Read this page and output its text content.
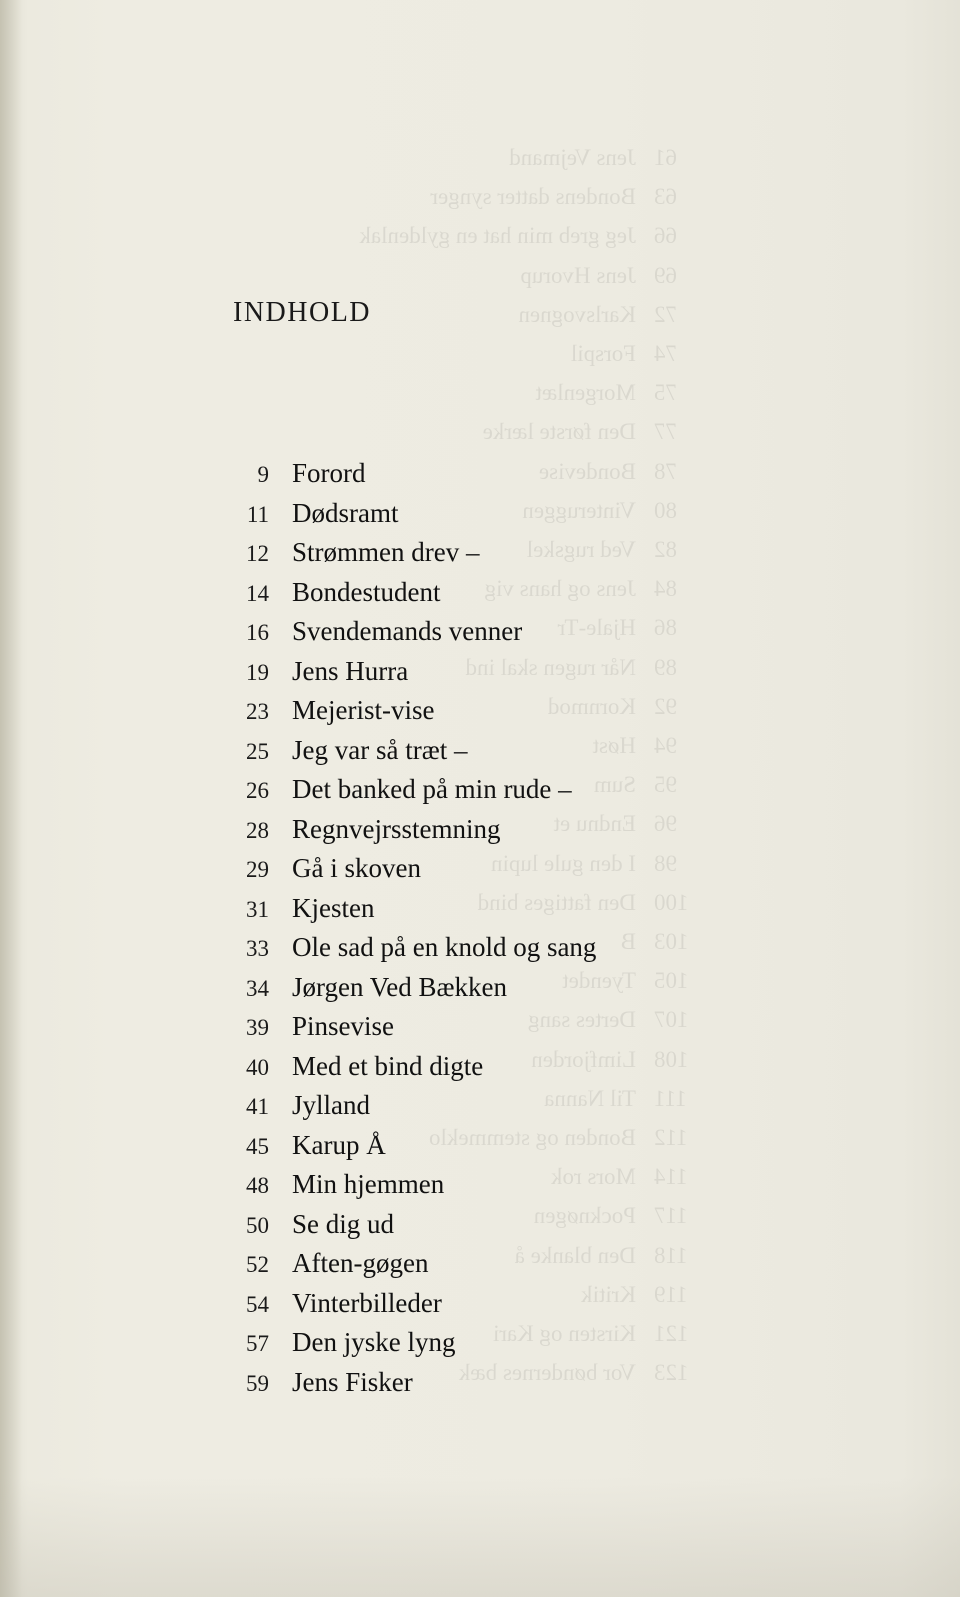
61
Jens Vejmand
63
Bondens datter synger
66
Jeg greb min hat en gyldenlak
69
Jens Hvorup
72
Karlsvognen
74
Forspil
75
Morgenlæt
77
Den første lærke
78
Bondevise
80
Vinteruggen
82
Ved rugskel
84
Jens og hans vig
86
Hjale-Tr
89
Når rugen skal ind
92
Kornmod
94
Høst
95
Sum
96
Endnu et
98
I den gule lupin
100
Den fattiges bind
103
B
105
Tyendet
107
Dertes sang
108
Limfjorden
111
Til Nanna
112
Bonden og stemmeklo
114
Mors rok
117
Pocknøgen
118
Den blanke å
119
Kritik
121
Kirsten og Kari
123
Vor bøndernes bæk
INDHOLD
9 Forord
11 Dødsramt
12 Strømmen drev –
14 Bondestudent
16 Svendemands venner
19 Jens Hurra
23 Mejerist-vise
25 Jeg var så træt –
26 Det banked på min rude –
28 Regnvejrsstemning
29 Gå i skoven
31 Kjesten
33 Ole sad på en knold og sang
34 Jørgen Ved Bækken
39 Pinsevise
40 Med et bind digte
41 Jylland
45 Karup Å
48 Min hjemmen
50 Se dig ud
52 Aften-gøgen
54 Vinterbilleder
57 Den jyske lyng
59 Jens Fisker
